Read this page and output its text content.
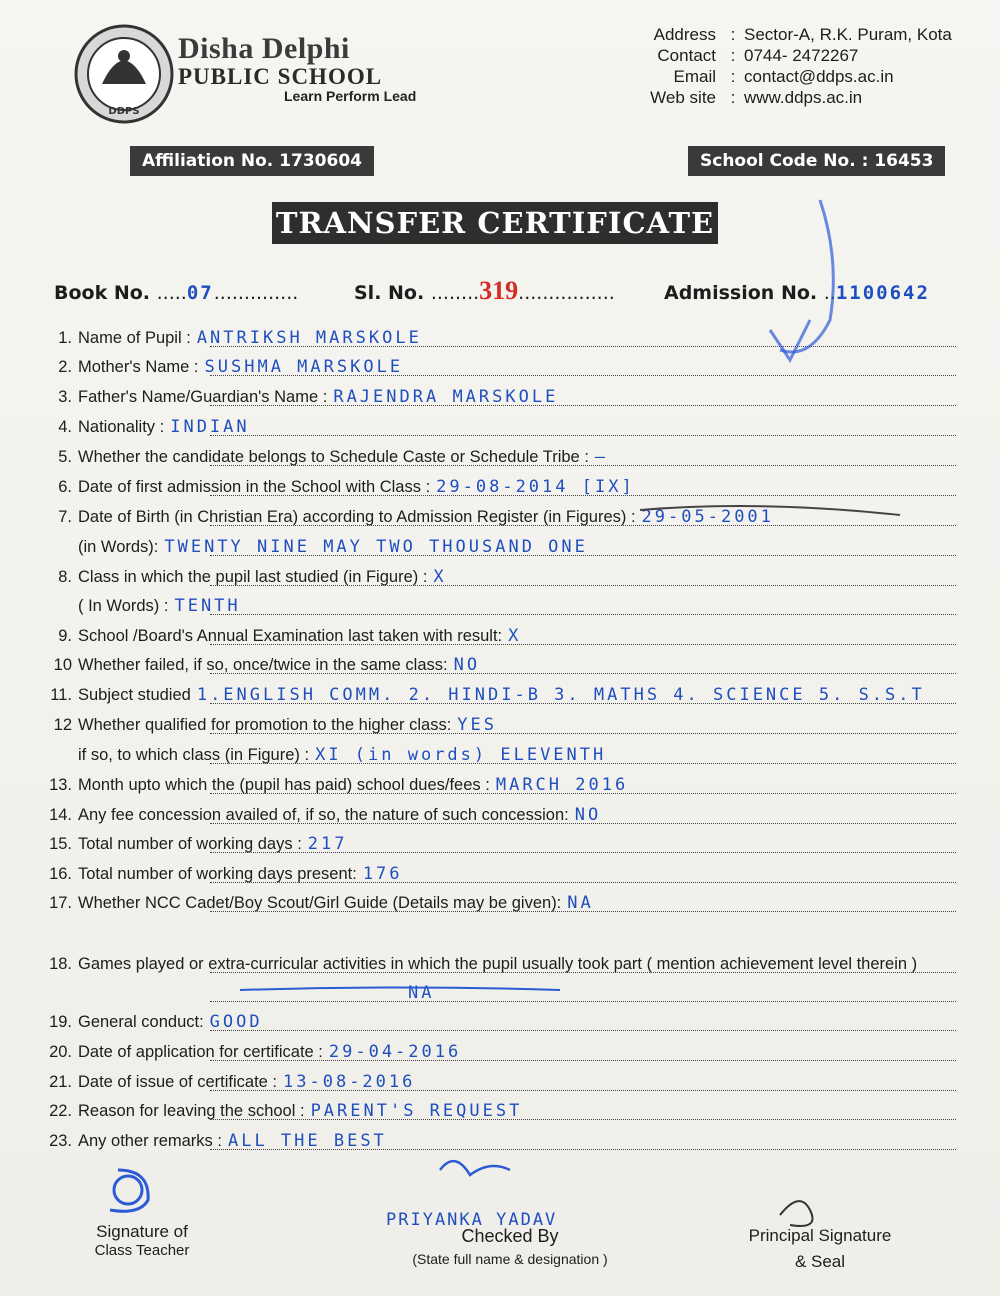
DDPS
Disha Delphi
PUBLIC SCHOOL
Learn Perform Lead
Address : Sector-A, R.K. Puram, Kota
Contact : 0744- 2472267
Email : contact@ddps.ac.in
Web site : www.ddps.ac.in
Affiliation No. 1730604	School Code No. : 16453
TRANSFER CERTIFICATE
Book No. .....07..............	Sl. No. ........319................	Admission No. ..1100642
1. Name of Pupil : ANTRIKSH MARSKOLE
2. Mother's Name : SUSHMA MARSKOLE
3. Father's Name/Guardian's Name : RAJENDRA MARSKOLE
4. Nationality : INDIAN
5. Whether the candidate belongs to Schedule Caste or Schedule Tribe : —
6. Date of first admission in the School with Class : 29-08-2014 [IX]
7. Date of Birth (in Christian Era) according to Admission Register (in Figures) : 29-05-2001
(in Words): TWENTY NINE MAY TWO THOUSAND ONE
8. Class in which the pupil last studied (in Figure) : X
( In Words) : TENTH
9. School /Board's Annual Examination last taken with result: X
10 Whether failed, if so, once/twice in the same class: NO
11. Subject studied 1.ENGLISH COMM. 2. HINDI-B 3. MATHS 4. SCIENCE 5. S.S.T
12 Whether qualified for promotion to the higher class: YES
if so, to which class (in Figure) : XI (in words) ELEVENTH
13. Month upto which the (pupil has paid) school dues/fees : MARCH 2016
14. Any fee concession availed of, if so, the nature of such concession: NO
15. Total number of working days : 217
16. Total number of working days present: 176
17. Whether NCC Cadet/Boy Scout/Girl Guide (Details may be given): NA
18. Games played or extra-curricular activities in which the pupil usually took part ( mention achievement level therein )
NA
19. General conduct: GOOD
20. Date of application for certificate : 29-04-2016
21. Date of issue of certificate : 13-08-2016
22. Reason for leaving the school : PARENT'S REQUEST
23. Any other remarks : ALL THE BEST
Signature of
Class Teacher
PRIYANKA YADAV
Checked By
(State full name & designation )
Principal Signature
& Seal
